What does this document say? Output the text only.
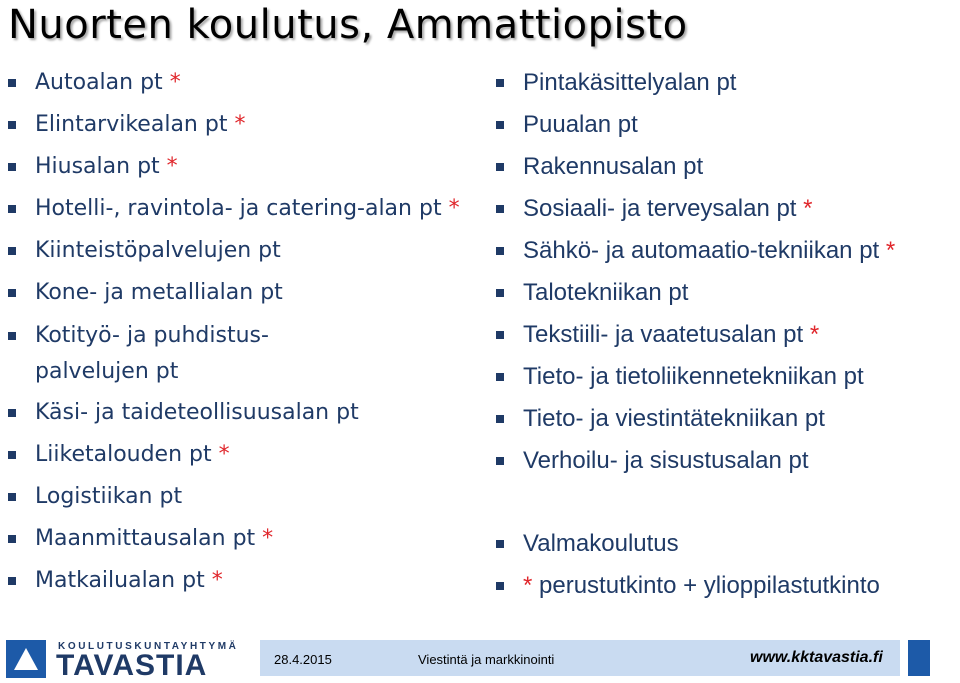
Nuorten koulutus, Ammattiopisto
Autoalan pt *
Elintarvikealan pt *
Hiusalan pt *
Hotelli-, ravintola- ja catering-alan pt *
Kiinteistöpalvelujen pt
Kone- ja metallialan pt
Kotityö- ja puhdistus-
palvelujen pt
Käsi- ja taideteollisuusalan pt
Liiketalouden pt *
Logistiikan pt
Maanmittausalan pt *
Matkailualan pt *
Pintakäsittelyalan pt
Puualan pt
Rakennusalan pt
Sosiaali- ja terveysalan pt *
Sähkö- ja automaatio-tekniikan pt *
Talotekniikan pt
Tekstiili- ja vaatetusalan pt *
Tieto- ja tietoliikennetekniikan pt
Tieto- ja viestintätekniikan pt
Verhoilu- ja sisustusalan pt
Valmakoulutus
* perustutkinto + ylioppilastutkinto
KOULUTUSKUNTAYHTYMÄ
TAVASTIA	28.4.2015	Viestintä ja markkinointi	www.kktavastia.fi
